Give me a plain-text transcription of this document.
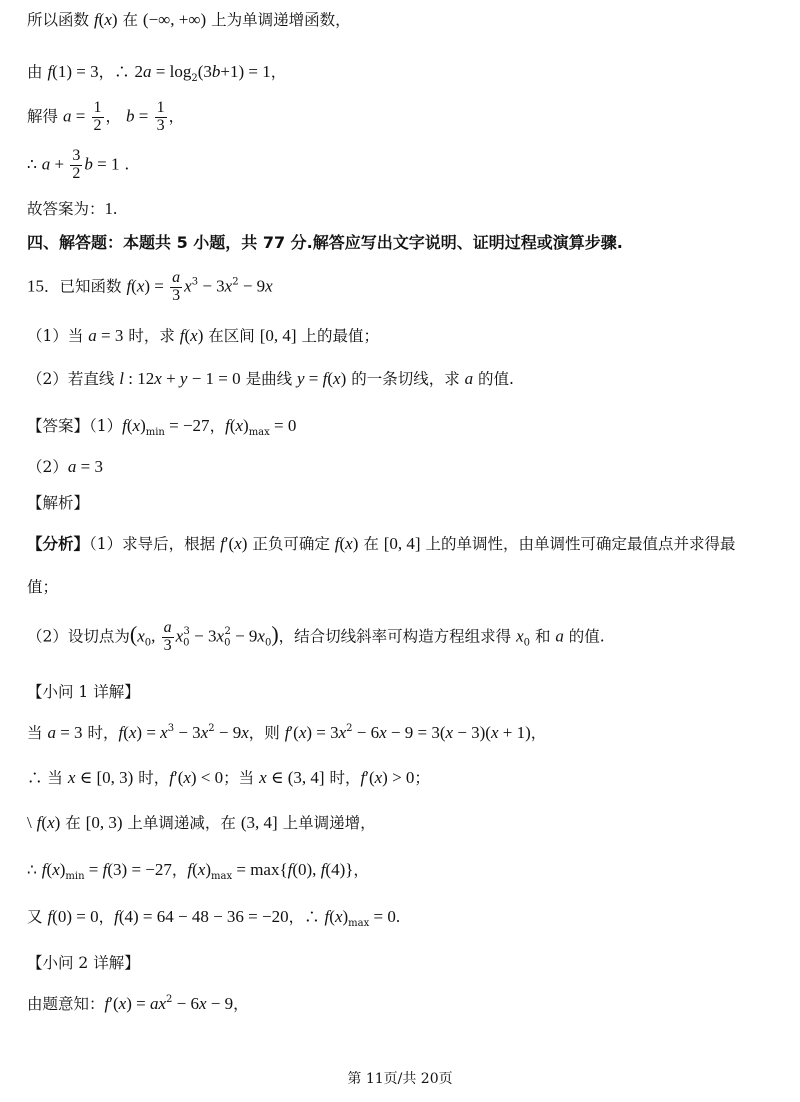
所以函数 f(x) 在 (−∞, +∞) 上为单调递增函数，
由 f(1) = 3，∴ $2a = \log_2(3b+1) = 1$，
解得 $a = \frac{1}{2}$ ， $b = \frac{1}{3}$ ，
∴ $a + \frac{3}{2}$ b = 1 .
故答案为：1.
四、解答题：本题共 5 小题，共 77 分.解答应写出文字说明、证明过程或演算步骤.
15．已知函数 $f(x) = \frac{a}{3} x^3 - 3x^2 - 9x$
（1）当 a = 3 时，求 f(x) 在区间 [0, 4] 上的最值；
（2）若直线 l : 12x + y − 1 = 0 是曲线 y = f(x) 的一条切线，求 a 的值.
【答案】$(1)f(x)_{min} = -27$，$f(x)_{max} = 0$
（2）a = 3
【解析】
【分析】（1）求导后，根据 f′(x) 正负可确定 f(x) 在 [0, 4] 上的单调性，由单调性可确定最值点并求得最
值；
（2）设切点为($x_0$, $\frac{a}{3} x_0^3 - 3x_0^2 - 9x_0$)，结合切线斜率可构造方程组求得 $x_0$ 和 a 的值.
【小问 1 详解】
当 a = 3 时，$f(x) = x^3 - 3x^2 - 9x$，则 $f'(x) = 3x^2 - 6x - 9 = 3(x - 3)(x + 1)$，
∴ 当 x ∈ [0, 3) 时，f′(x) < 0；当 x ∈ (3, 4] 时，f′(x) > 0；
\ f(x) 在 [0, 3) 上单调递减，在 (3, 4] 上单调递增，
∴ $f(x)_{min} = f(3) = -27$，$f(x)_{max} = \max\{f(0)$, f(4)}，
又 f(0) = 0，f(4) = 64 − 48 − 36 = −20，∴ $f(x)_{max} = 0$.
【小问 2 详解】
由题意知：$f'(x) = ax^2 - 6x - 9$，
第 11页/共 20页
